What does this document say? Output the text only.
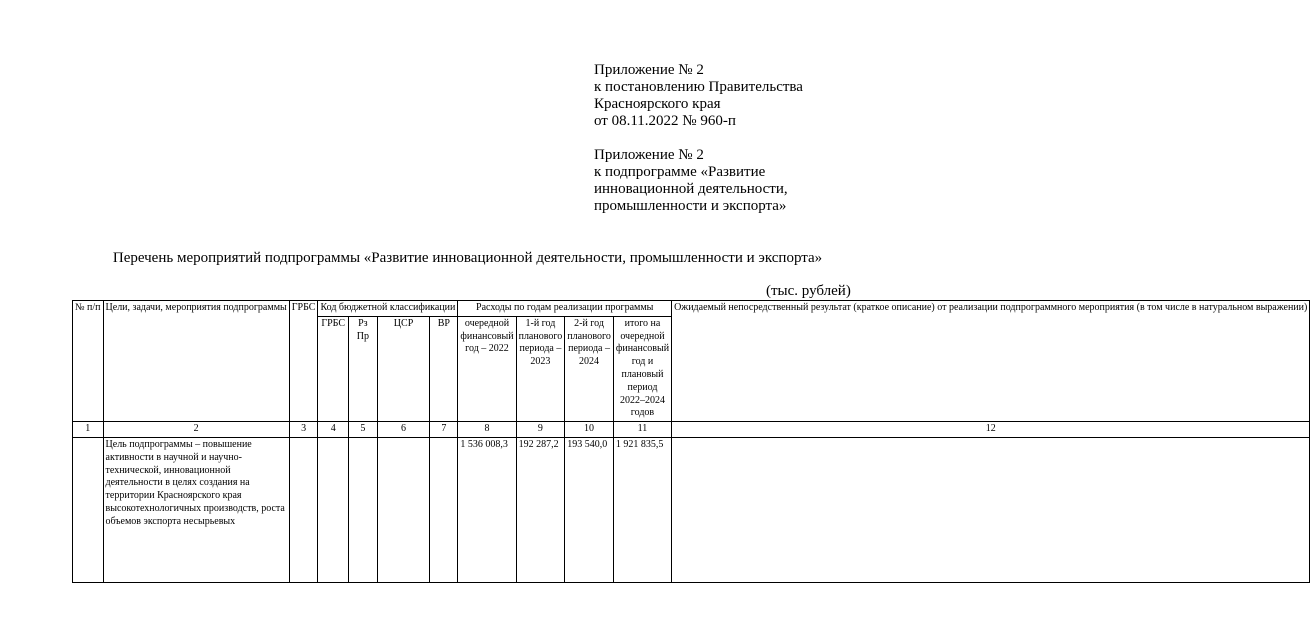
Приложение № 2
к постановлению Правительства
Красноярского края
от 08.11.2022 № 960-п
Приложение № 2
к подпрограмме «Развитие
инновационной деятельности,
промышленности и экспорта»
Перечень мероприятий подпрограммы «Развитие инновационной деятельности, промышленности и экспорта»
(тыс. рублей)
№ п/п	Цели, задачи, мероприятия подпрограммы	ГРБС	Код бюджетной классификации				Расходы по годам реализации программы				Ожидаемый непосредственный результат (краткое описание) от реализации подпрограммного мероприятия (в том числе в натуральном выражении)
			ГРБС	Рз Пр	ЦСР	ВР	очередной финансовый год – 2022	1-й год планового периода – 2023	2-й год планового периода – 2024	итого на очередной финансовый год и плановый период 2022–2024 годов	
1	2	3	4	5	6	7	8	9	10	11	12
	Цель подпрограммы – повышение активности в научной и научно-технической, инновационной деятельности в целях создания на территории Красноярского края высокотехнологичных производств, роста объемов экспорта несырьевых						1 536 008,3	192 287,2	193 540,0	1 921 835,5	
